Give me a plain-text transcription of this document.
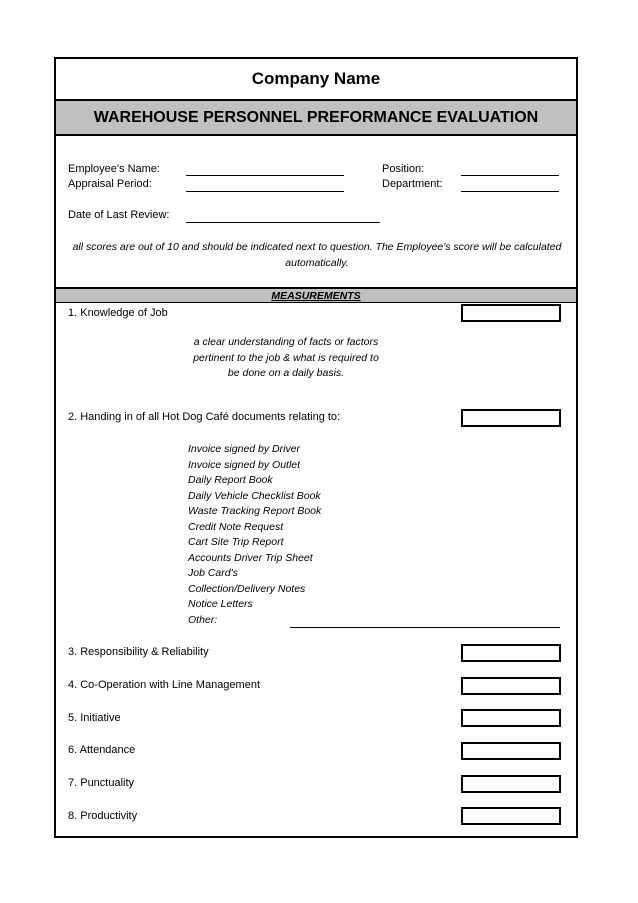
Company Name
WAREHOUSE PERSONNEL PREFORMANCE EVALUATION
Employee's Name:	Position:
Appraisal Period:	Department:
Date of Last Review:
all scores are out of 10 and should be indicated next to question. The Employee's score will be calculated automatically.
MEASUREMENTS
1. Knowledge of Job
a clear understanding of facts or factors pertinent to the job & what is required to be done on a daily basis.
2. Handing in of all Hot Dog Café documents relating to:
Invoice signed by Driver
Invoice signed by Outlet
Daily Report Book
Daily Vehicle Checklist Book
Waste Tracking Report Book
Credit Note Request
Cart Site Trip Report
Accounts Driver Trip Sheet
Job Card's
Collection/Delivery Notes
Notice Letters
Other:
3. Responsibility & Reliability
4. Co-Operation with Line Management
5. Initiative
6. Attendance
7. Punctuality
8. Productivity
